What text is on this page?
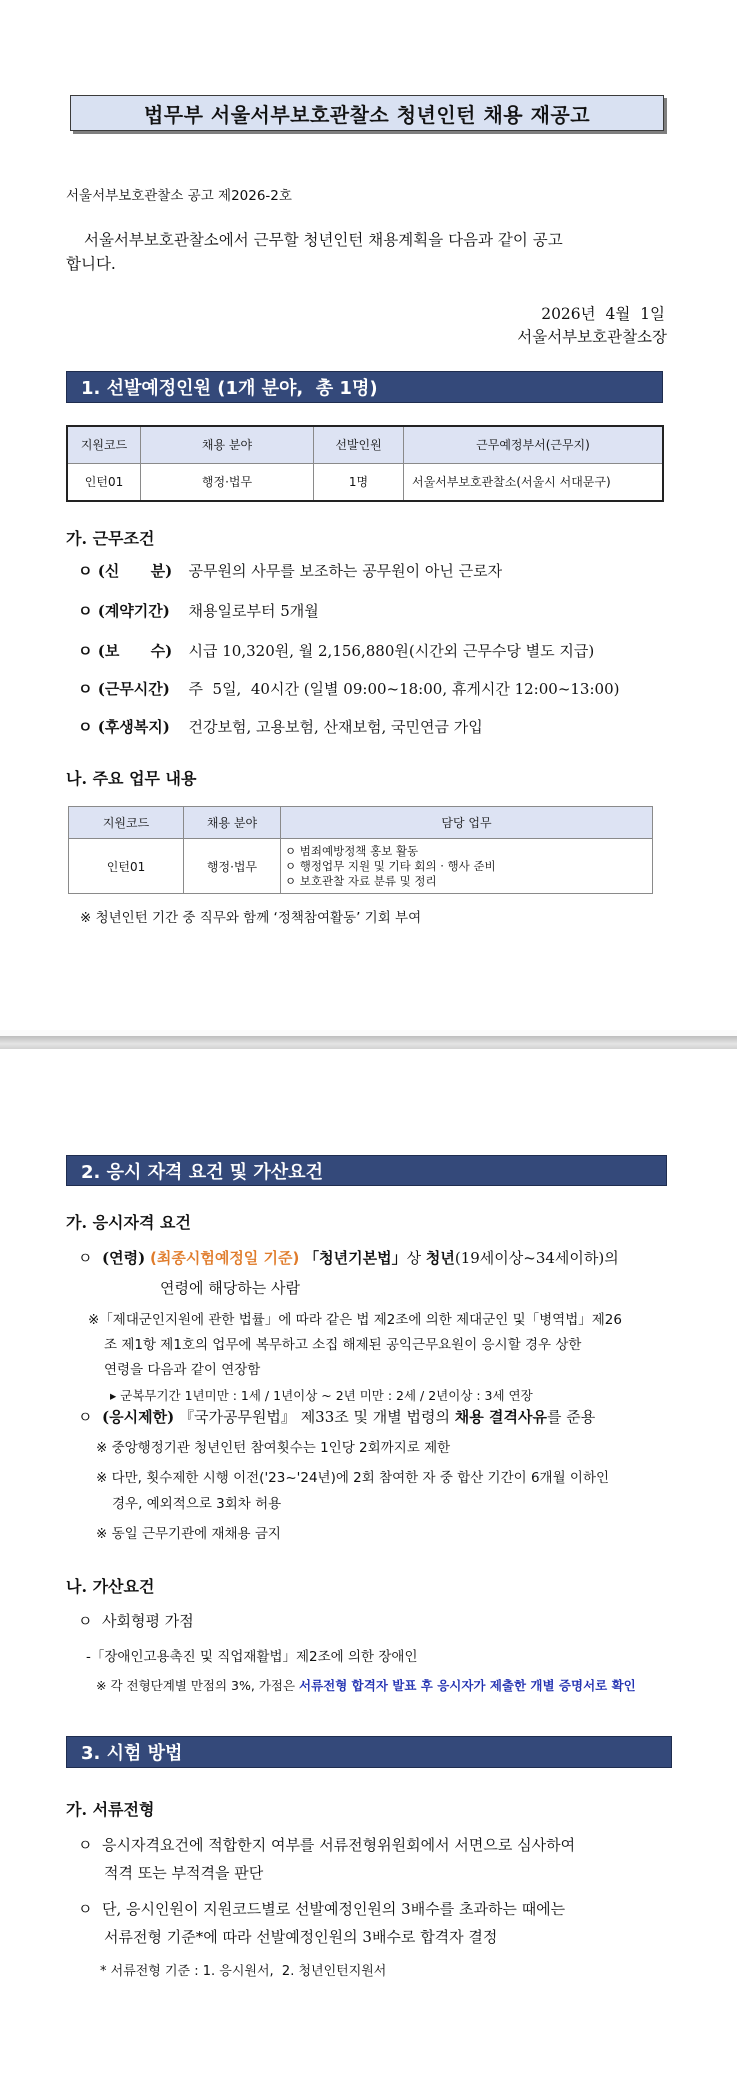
법무부 서울서부보호관찰소 청년인턴 채용 재공고
서울서부보호관찰소 공고 제2026-2호
서울서부보호관찰소에서 근무할 청년인턴 채용계획을 다음과 같이 공고
합니다.
2026년  4월  1일
서울서부보호관찰소장
1. 선발예정인원 (1개 분야,  총 1명)
지원코드	채용 분야	선발인원	근무예정부서(근무지)
인턴01	행정·법무	1명	서울서부보호관찰소(서울시 서대문구)
가. 근무조건
ㅇ (신      분) 공무원의 사무를 보조하는 공무원이 아닌 근로자
ㅇ (계약기간) 채용일로부터 5개월
ㅇ (보      수) 시급 10,320원, 월 2,156,880원(시간외 근무수당 별도 지급)
ㅇ (근무시간) 주  5일,  40시간 (일별 09:00~18:00, 휴게시간 12:00~13:00)
ㅇ (후생복지) 건강보험, 고용보험, 산재보험, 국민연금 가입
나. 주요 업무 내용
지원코드	채용 분야	담당 업무
인턴01	행정·법무	ㅇ 범죄예방정책 홍보 활동
ㅇ 행정업무 지원 및 기타 회의 · 행사 준비
ㅇ 보호관찰 자료 분류 및 정리
※ 청년인턴 기간 중 직무와 함께 ‘정책참여활동’ 기회 부여
2. 응시 자격 요건 및 가산요건
가. 응시자격 요건
ㅇ (연령) (최종시험예정일 기준) 「청년기본법」상 청년(19세이상~34세이하)의
연령에 해당하는 사람
※「제대군인지원에 관한 법률」에 따라 같은 법 제2조에 의한 제대군인 및「병역법」제26
조 제1항 제1호의 업무에 복무하고 소집 해제된 공익근무요원이 응시할 경우 상한
연령을 다음과 같이 연장함
▸ 군복무기간 1년미만 : 1세 / 1년이상 ~ 2년 미만 : 2세 / 2년이상 : 3세 연장
ㅇ (응시제한) 『국가공무원법』 제33조 및 개별 법령의 채용 결격사유를 준용
※ 중앙행정기관 청년인턴 참여횟수는 1인당 2회까지로 제한
※ 다만, 횟수제한 시행 이전('23~'24년)에 2회 참여한 자 중 합산 기간이 6개월 이하인
경우, 예외적으로 3회차 허용
※ 동일 근무기관에 재채용 금지
나. 가산요건
ㅇ  사회형평 가점
-「장애인고용촉진 및 직업재활법」제2조에 의한 장애인
※ 각 전형단계별 만점의 3%, 가점은 서류전형 합격자 발표 후 응시자가 제출한 개별 증명서로 확인
3. 시험 방법
가. 서류전형
ㅇ  응시자격요건에 적합한지 여부를 서류전형위원회에서 서면으로 심사하여
적격 또는 부적격을 판단
ㅇ  단, 응시인원이 지원코드별로 선발예정인원의 3배수를 초과하는 때에는
서류전형 기준*에 따라 선발예정인원의 3배수로 합격자 결정
* 서류전형 기준 : 1. 응시원서,  2. 청년인턴지원서
